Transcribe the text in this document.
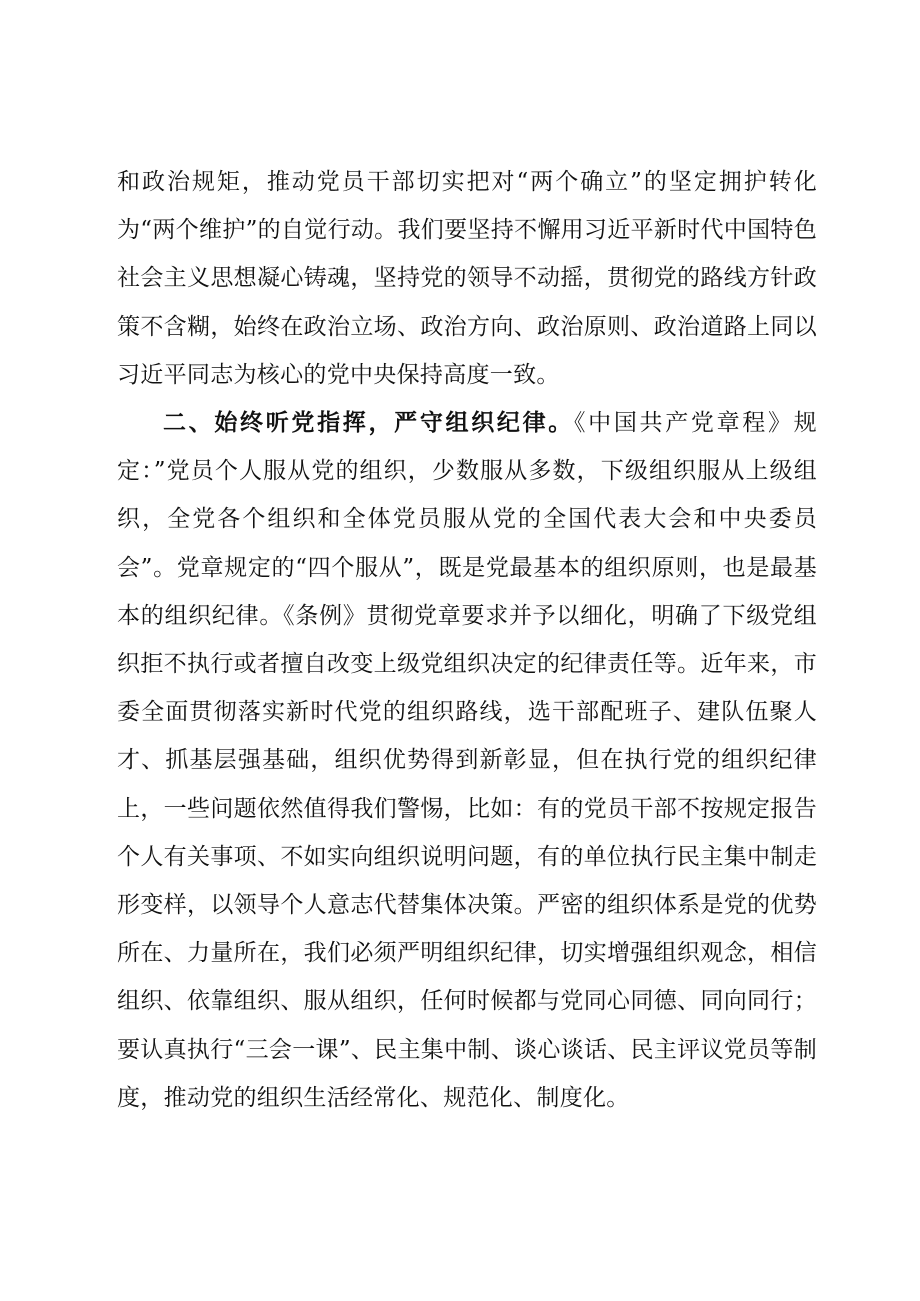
和政治规矩，推动党员干部切实把对“两个确立”的坚定拥护转化为“两个维护”的自觉行动。我们要坚持不懈用习近平新时代中国特色社会主义思想凝心铸魂，坚持党的领导不动摇，贯彻党的路线方针政策不含糊，始终在政治立场、政治方向、政治原则、政治道路上同以习近平同志为核心的党中央保持高度一致。

二、始终听党指挥，严守组织纪律。《中国共产党章程》规定：”党员个人服从党的组织，少数服从多数，下级组织服从上级组织，全党各个组织和全体党员服从党的全国代表大会和中央委员会”。党章规定的“四个服从”，既是党最基本的组织原则，也是最基本的组织纪律。《条例》贯彻党章要求并予以细化，明确了下级党组织拒不执行或者擅自改变上级党组织决定的纪律责任等。近年来，市委全面贯彻落实新时代党的组织路线，选干部配班子、建队伍聚人才、抓基层强基础，组织优势得到新彰显，但在执行党的组织纪律上，一些问题依然值得我们警惕，比如：有的党员干部不按规定报告个人有关事项、不如实向组织说明问题，有的单位执行民主集中制走形变样，以领导个人意志代替集体决策。严密的组织体系是党的优势所在、力量所在，我们必须严明组织纪律，切实增强组织观念，相信组织、依靠组织、服从组织，任何时候都与党同心同德、同向同行；要认真执行“三会一课”、民主集中制、谈心谈话、民主评议党员等制度，推动党的组织生活经常化、规范化、制度化。
